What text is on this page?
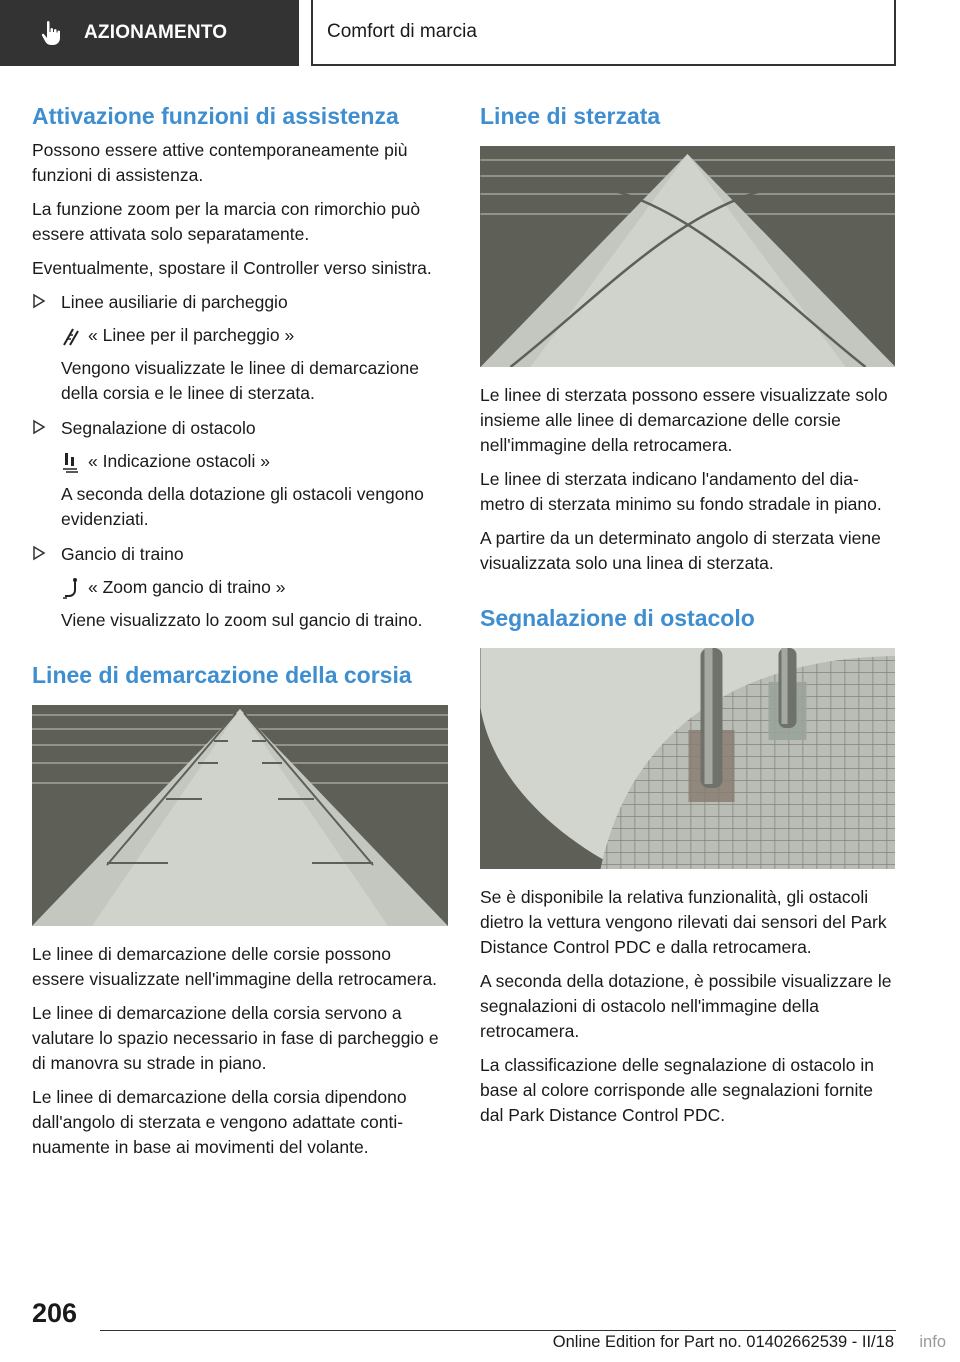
AZIONAMENTO	Comfort di marcia
Attivazione funzioni di assistenza

Possono essere attive contemporaneamente più funzioni di assistenza.

La funzione zoom per la marcia con rimorchio può essere attivata solo separatamente.

Eventualmente, spostare il Controller verso sinistra.

Linee ausiliarie di parcheggio

« Linee per il parcheggio »

Vengono visualizzate le linee di demarcazione della corsia e le linee di sterzata.

Segnalazione di ostacolo

« Indicazione ostacoli »

A seconda della dotazione gli ostacoli vengono evidenziati.

Gancio di traino

« Zoom gancio di traino »

Viene visualizzato lo zoom sul gancio di traino.

Linee di demarcazione della corsia

Le linee di demarcazione delle corsie possono essere visualizzate nell'immagine della retrocamera.

Le linee di demarcazione della corsia servono a valutare lo spazio necessario in fase di parcheggio e di manovra su strade in piano.

Le linee di demarcazione della corsia dipendono dall'angolo di sterzata e vengono adattate continuamente in base ai movimenti del volante.

Linee di sterzata

Le linee di sterzata possono essere visualizzate solo insieme alle linee di demarcazione delle corsie nell'immagine della retrocamera.

Le linee di sterzata indicano l'andamento del diametro di sterzata minimo su fondo stradale in piano.

A partire da un determinato angolo di sterzata viene visualizzata solo una linea di sterzata.

Segnalazione di ostacolo

Se è disponibile la relativa funzionalità, gli ostacoli dietro la vettura vengono rilevati dai sensori del Park Distance Control PDC e dalla retrocamera.

A seconda della dotazione, è possibile visualizzare le segnalazioni di ostacolo nell'immagine della retrocamera.

La classificazione delle segnalazione di ostacolo in base al colore corrisponde alle segnalazioni fornite dal Park Distance Control PDC.

206
Online Edition for Part no. 01402662539 - II/18 info
